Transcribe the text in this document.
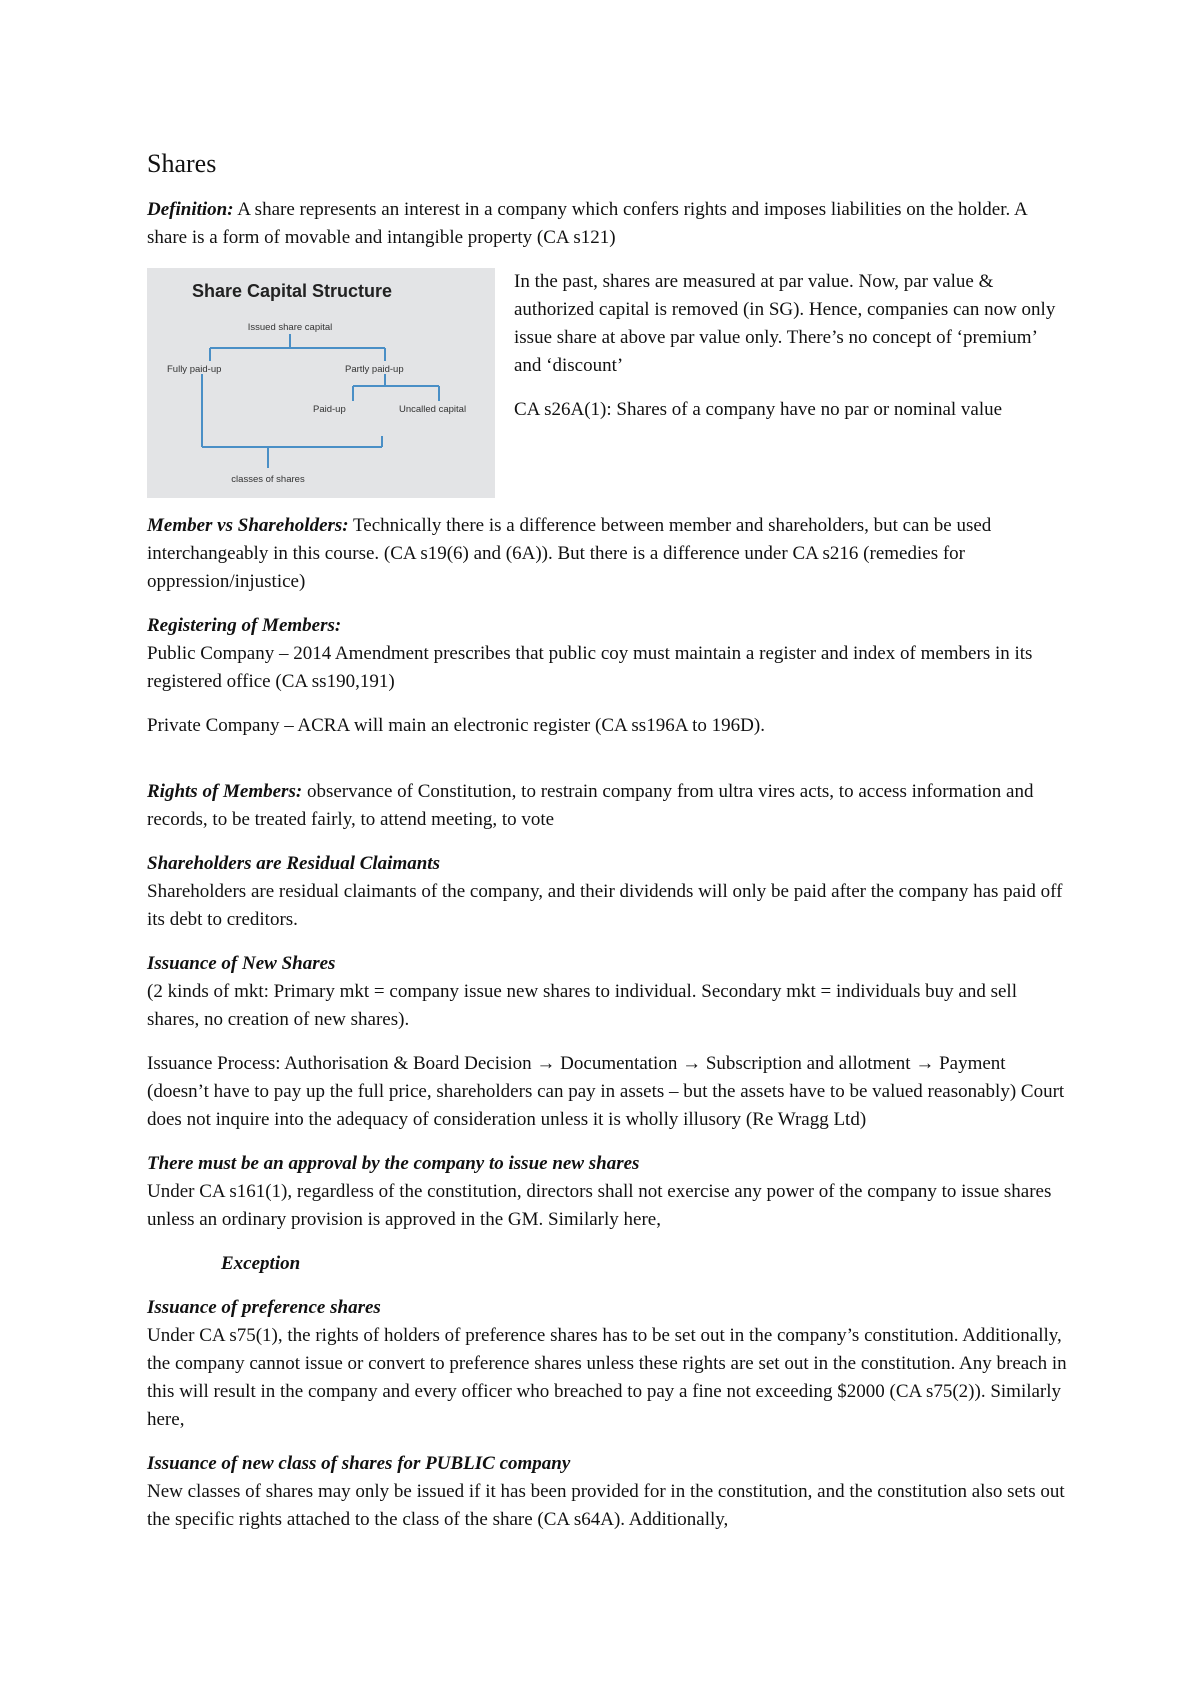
Shares

Definition: A share represents an interest in a company which confers rights and imposes liabilities on the holder. A share is a form of movable and intangible property (CA s121)

Share Capital Structure
Issued share capital
Fully paid-up	Partly paid-up
Paid-up	Uncalled capital
classes of shares

In the past, shares are measured at par value. Now, par value & authorized capital is removed (in SG). Hence, companies can now only issue share at above par value only. There’s no concept of ‘premium’ and ‘discount’

CA s26A(1): Shares of a company have no par or nominal value

Member vs Shareholders: Technically there is a difference between member and shareholders, but can be used interchangeably in this course. (CA s19(6) and (6A)). But there is a difference under CA s216 (remedies for oppression/injustice)

Registering of Members:

Public Company – 2014 Amendment prescribes that public coy must maintain a register and index of members in its registered office (CA ss190,191)

Private Company – ACRA will main an electronic register (CA ss196A to 196D).

Rights of Members: observance of Constitution, to restrain company from ultra vires acts, to access information and records, to be treated fairly, to attend meeting, to vote

Shareholders are Residual Claimants

Shareholders are residual claimants of the company, and their dividends will only be paid after the company has paid off its debt to creditors.

Issuance of New Shares

(2 kinds of mkt: Primary mkt = company issue new shares to individual. Secondary mkt = individuals buy and sell shares, no creation of new shares).

Issuance Process: Authorisation & Board Decision → Documentation → Subscription and allotment → Payment (doesn’t have to pay up the full price, shareholders can pay in assets – but the assets have to be valued reasonably) Court does not inquire into the adequacy of consideration unless it is wholly illusory (Re Wragg Ltd)

There must be an approval by the company to issue new shares

Under CA s161(1), regardless of the constitution, directors shall not exercise any power of the company to issue shares unless an ordinary provision is approved in the GM. Similarly here,

Exception

Issuance of preference shares

Under CA s75(1), the rights of holders of preference shares has to be set out in the company’s constitution. Additionally, the company cannot issue or convert to preference shares unless these rights are set out in the constitution. Any breach in this will result in the company and every officer who breached to pay a fine not exceeding $2000 (CA s75(2)). Similarly here,

Issuance of new class of shares for PUBLIC company

New classes of shares may only be issued if it has been provided for in the constitution, and the constitution also sets out the specific rights attached to the class of the share (CA s64A). Additionally,
